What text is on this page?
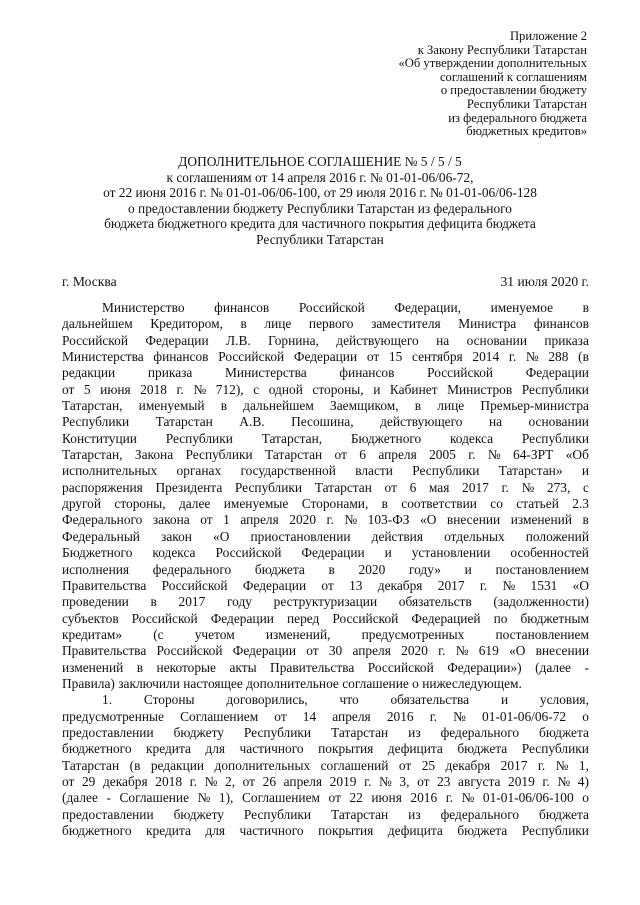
Приложение 2
к Закону Республики Татарстан
«Об утверждении дополнительных
соглашений к соглашениям
о предоставлении бюджету
Республики Татарстан
из федерального бюджета
бюджетных кредитов»
ДОПОЛНИТЕЛЬНОЕ СОГЛАШЕНИЕ № 5 / 5 / 5
к соглашениям от 14 апреля 2016 г. № 01-01-06/06-72,
от 22 июня 2016 г. № 01-01-06/06-100, от 29 июля 2016 г. № 01-01-06/06-128
о предоставлении бюджету Республики Татарстан из федерального
бюджета бюджетного кредита для частичного покрытия дефицита бюджета
Республики Татарстан
г. Москва	31 июля 2020 г.
Министерство финансов Российской Федерации, именуемое в
дальнейшем Кредитором, в лице первого заместителя Министра финансов
Российской Федерации Л.В. Горнина, действующего на основании приказа
Министерства финансов Российской Федерации от 15 сентября 2014 г. № 288 (в
редакции приказа Министерства финансов Российской Федерации
от 5 июня 2018 г. № 712), с одной стороны, и Кабинет Министров Республики
Татарстан, именуемый в дальнейшем Заемщиком, в лице Премьер-министра
Республики Татарстан А.В. Песошина, действующего на основании
Конституции Республики Татарстан, Бюджетного кодекса Республики
Татарстан, Закона Республики Татарстан от 6 апреля 2005 г. № 64-ЗРТ «Об
исполнительных органах государственной власти Республики Татарстан» и
распоряжения Президента Республики Татарстан от 6 мая 2017 г. № 273, с
другой стороны, далее именуемые Сторонами, в соответствии со статьей 2.3
Федерального закона от 1 апреля 2020 г. № 103-ФЗ «О внесении изменений в
Федеральный закон «О приостановлении действия отдельных положений
Бюджетного кодекса Российской Федерации и установлении особенностей
исполнения федерального бюджета в 2020 году» и постановлением
Правительства Российской Федерации от 13 декабря 2017 г. № 1531 «О
проведении в 2017 году реструктуризации обязательств (задолженности)
субъектов Российской Федерации перед Российской Федерацией по бюджетным
кредитам» (с учетом изменений, предусмотренных постановлением
Правительства Российской Федерации от 30 апреля 2020 г. № 619 «О внесении
изменений в некоторые акты Правительства Российской Федерации») (далее -
Правила) заключили настоящее дополнительное соглашение о нижеследующем.
1. Стороны договорились, что обязательства и условия,
предусмотренные Соглашением от 14 апреля 2016 г. № 01-01-06/06-72 о
предоставлении бюджету Республики Татарстан из федерального бюджета
бюджетного кредита для частичного покрытия дефицита бюджета Республики
Татарстан (в редакции дополнительных соглашений от 25 декабря 2017 г. № 1,
от 29 декабря 2018 г. № 2, от 26 апреля 2019 г. № 3, от 23 августа 2019 г. № 4)
(далее - Соглашение № 1), Соглашением от 22 июня 2016 г. № 01-01-06/06-100 о
предоставлении бюджету Республики Татарстан из федерального бюджета
бюджетного кредита для частичного покрытия дефицита бюджета Республики
